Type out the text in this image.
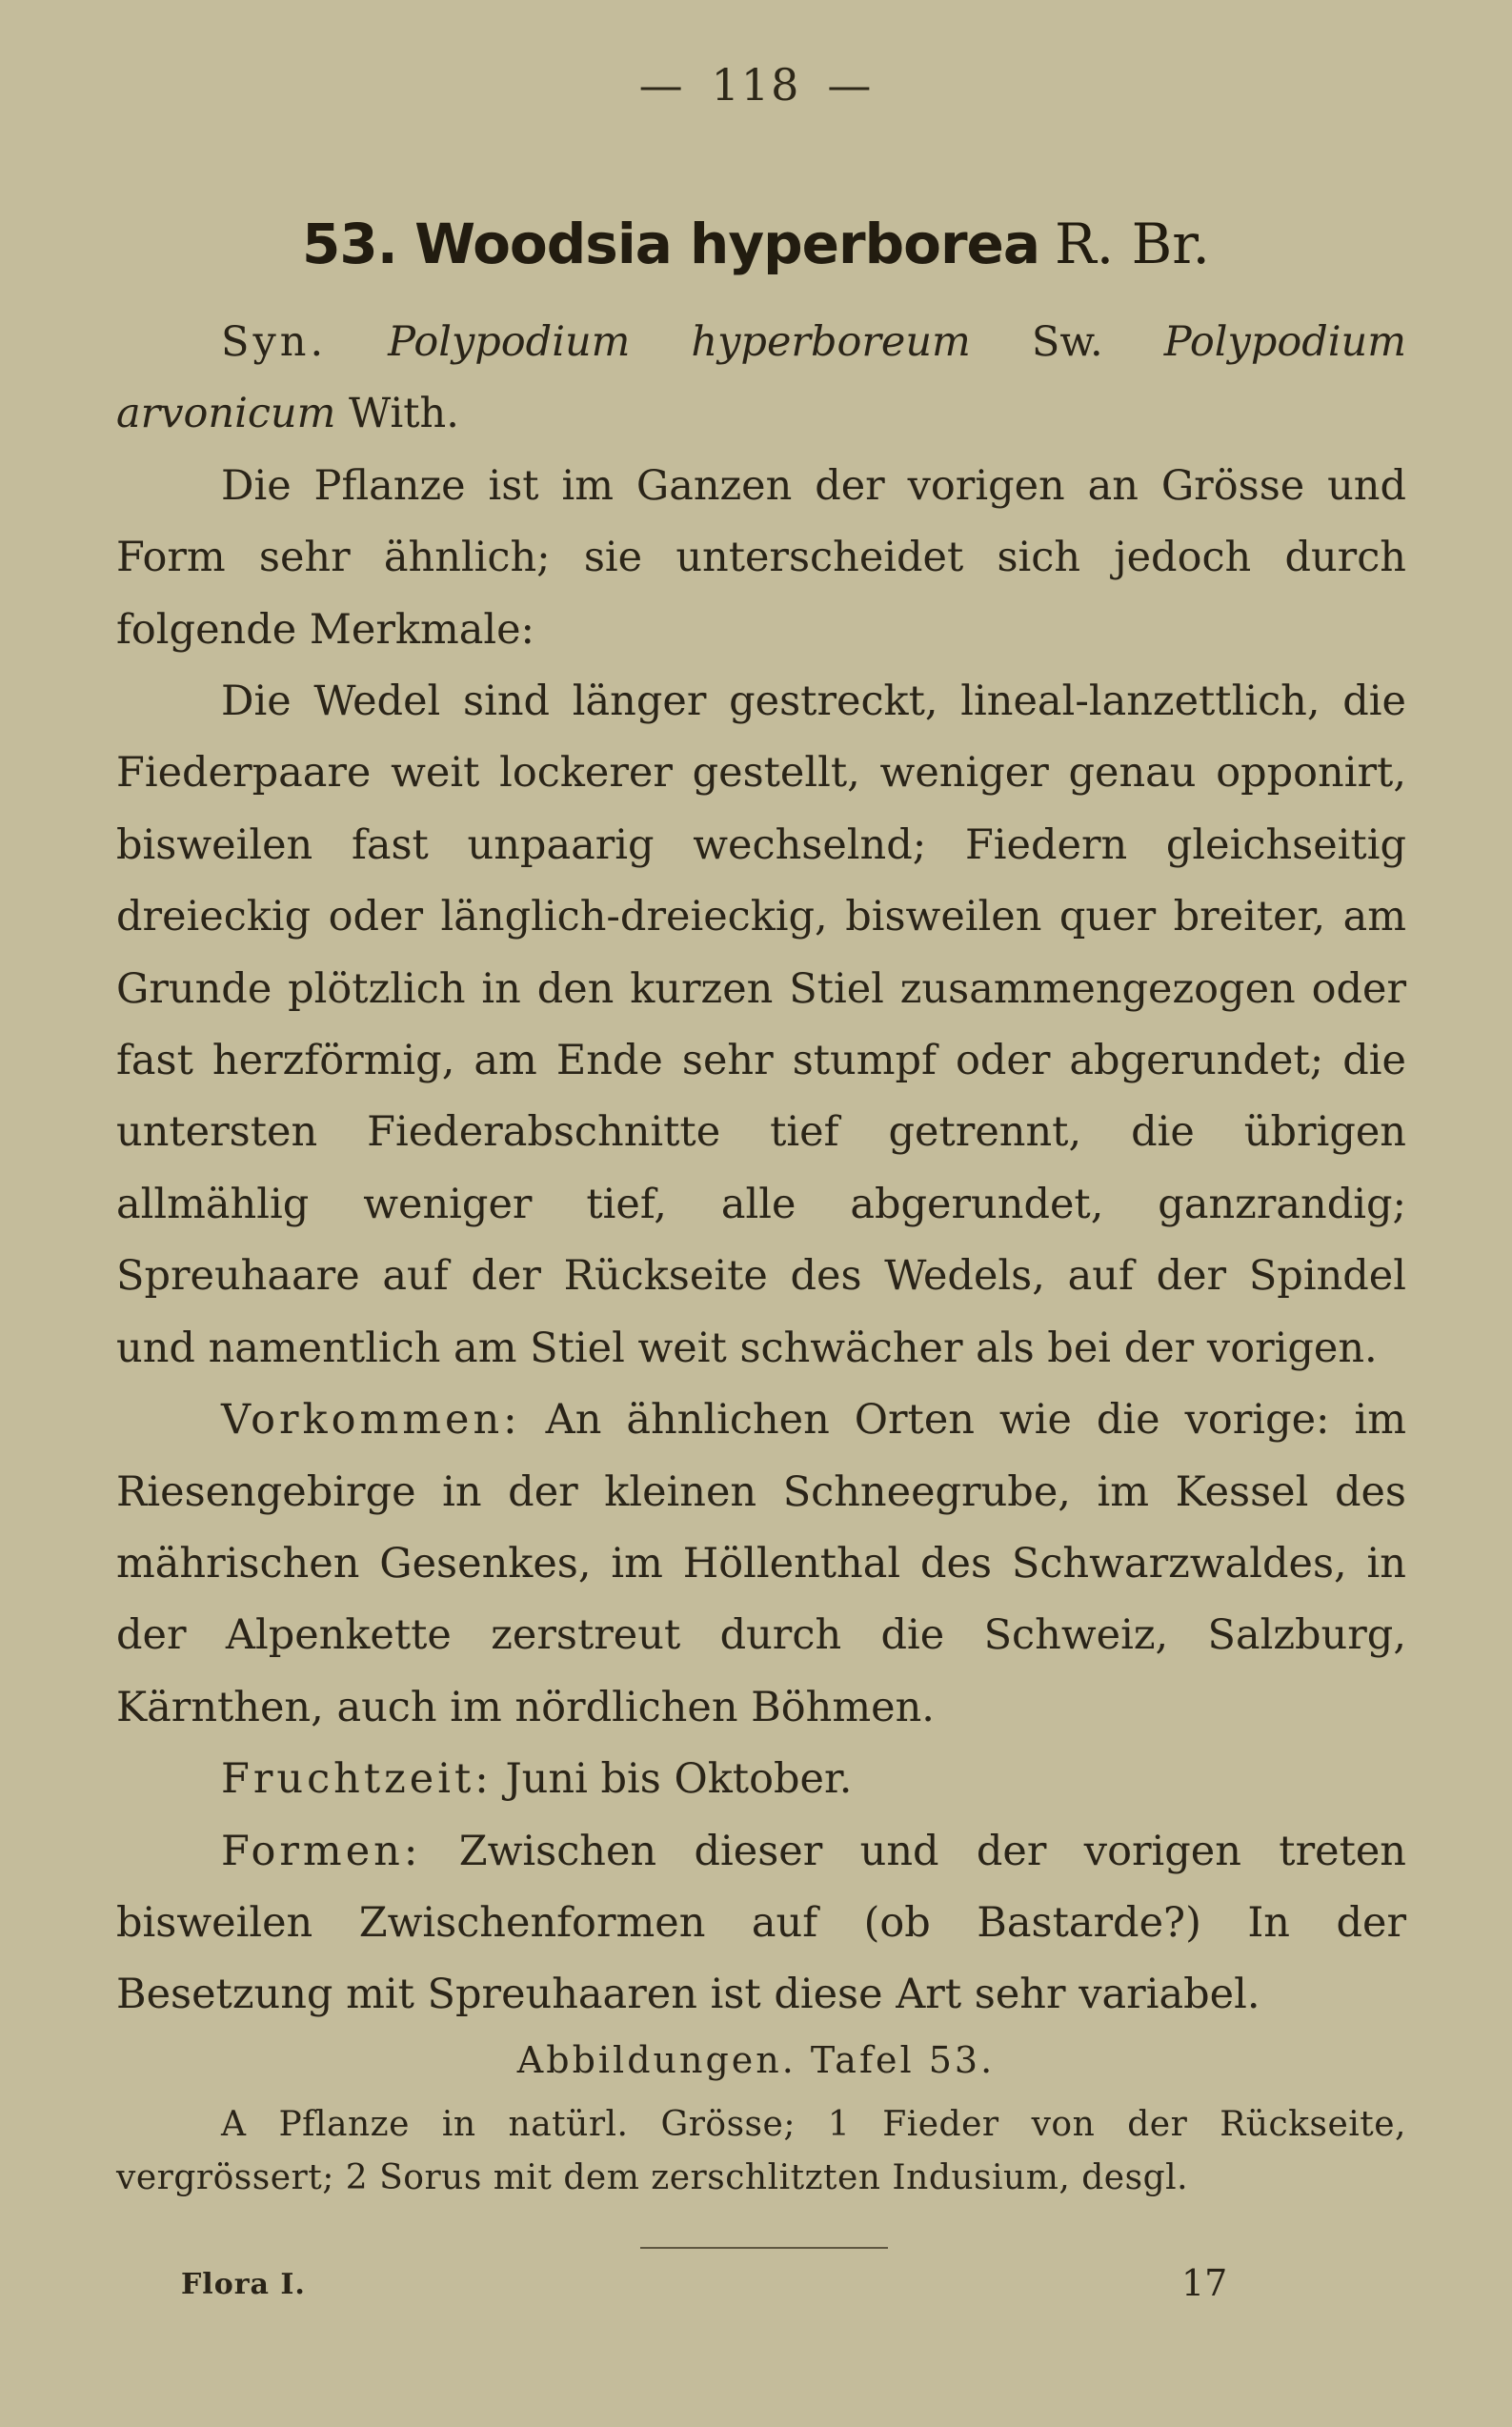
— 118 —
53. Woodsia hyperborea R. Br.

Syn. Polypodium hyperboreum Sw. Polypodium arvonicum With.

Die Pflanze ist im Ganzen der vorigen an Grösse und Form sehr ähnlich; sie unterscheidet sich jedoch durch folgende Merkmale:

Die Wedel sind länger gestreckt, lineal-lanzettlich, die Fiederpaare weit lockerer gestellt, weniger genau opponirt, bisweilen fast unpaarig wechselnd; Fiedern gleichseitig dreieckig oder länglich-dreieckig, bisweilen quer breiter, am Grunde plötzlich in den kurzen Stiel zusammengezogen oder fast herzförmig, am Ende sehr stumpf oder abgerundet; die untersten Fiederabschnitte tief getrennt, die übrigen allmählig weniger tief, alle abgerundet, ganzrandig; Spreuhaare auf der Rückseite des Wedels, auf der Spindel und namentlich am Stiel weit schwächer als bei der vorigen.

Vorkommen: An ähnlichen Orten wie die vorige: im Riesengebirge in der kleinen Schneegrube, im Kessel des mährischen Gesenkes, im Höllenthal des Schwarzwaldes, in der Alpenkette zerstreut durch die Schweiz, Salzburg, Kärnthen, auch im nördlichen Böhmen.

Fruchtzeit: Juni bis Oktober.

Formen: Zwischen dieser und der vorigen treten bisweilen Zwischenformen auf (ob Bastarde?) In der Besetzung mit Spreuhaaren ist diese Art sehr variabel.

Abbildungen. Tafel 53.

A Pflanze in natürl. Grösse; 1 Fieder von der Rückseite, vergrössert; 2 Sorus mit dem zerschlitzten Indusium, desgl.

Flora I.	17
